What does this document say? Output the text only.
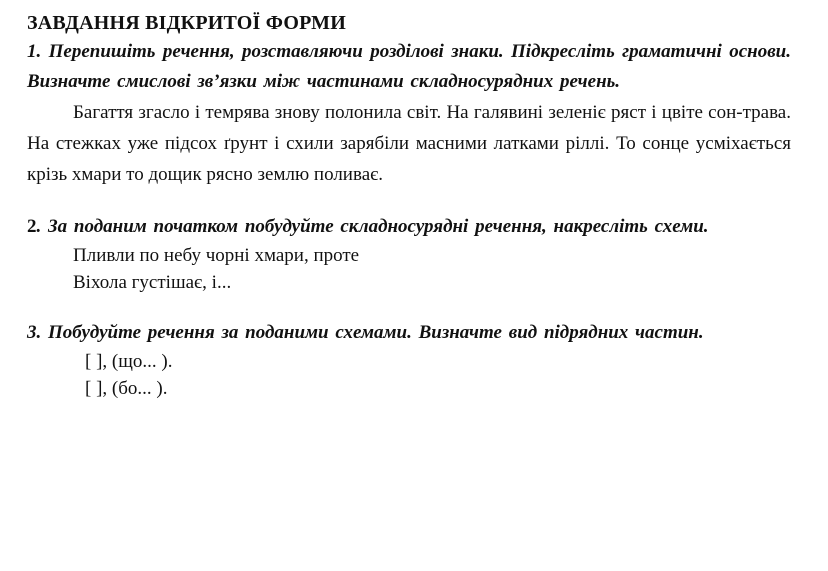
ЗАВДАННЯ ВІДКРИТОЇ ФОРМИ

1. Перепишіть речення, розставляючи розділові знаки. Підкресліть граматичні основи. Визначте смислові зв’язки між частинами складносурядних речень.

Багаття згасло і темрява знову полонила світ. На галявині зеленіє ряст і цвіте сон-трава. На стежках уже підсох ґрунт і схили зарябіли масними латками ріллі. То сонце усміхається крізь хмари то дощик рясно землю поливає.

2. За поданим початком побудуйте складносурядні речення, накресліть схеми.

Пливли по небу чорні хмари, проте

Віхола густішає, і...

3. Побудуйте речення за поданими схемами. Визначте вид підрядних частин.

[ ], (що... ).

[ ], (бо... ).
